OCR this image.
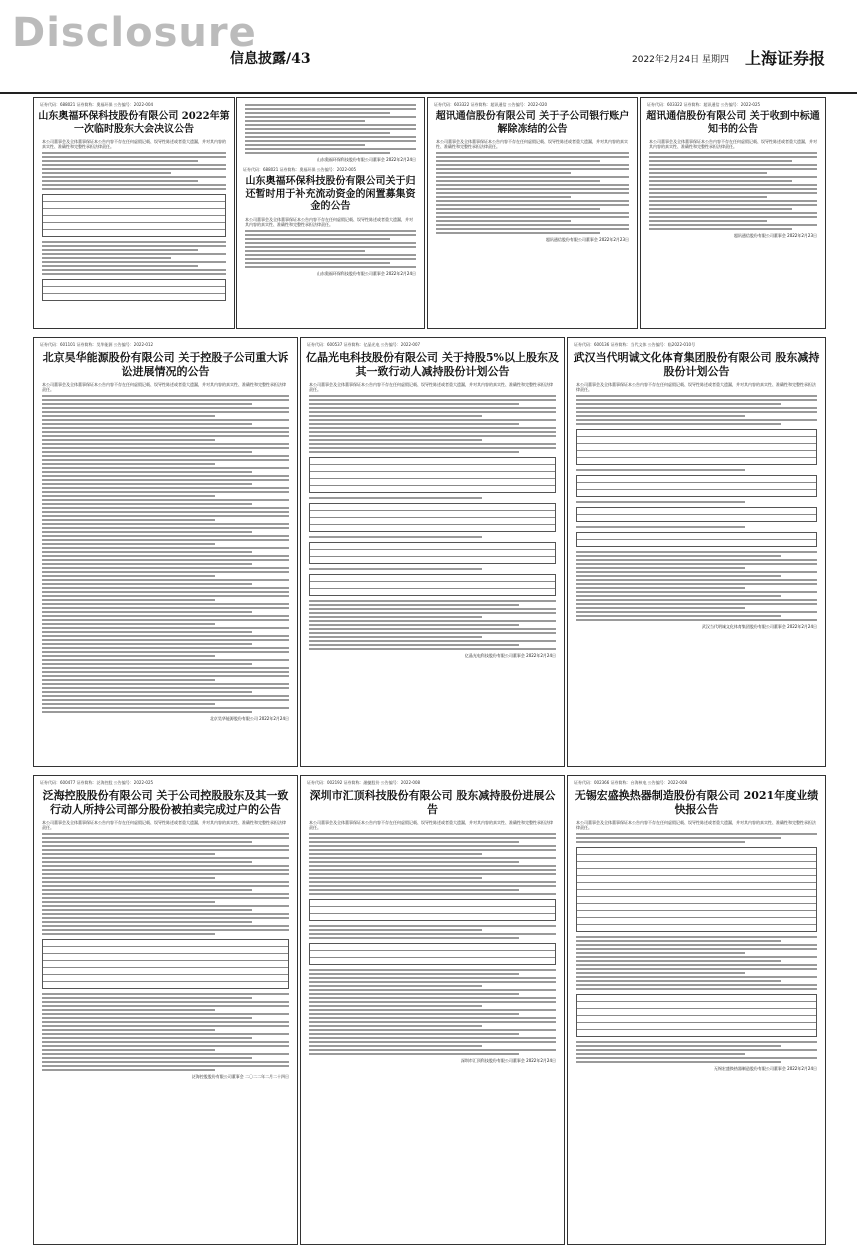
Disclosure
信息披露/43	2022年2月24日 星期四 上海证券报
证券代码：688021 证券简称：奥福环保 公告编号：2022-004
山东奥福环保科技股份有限公司 2022年第一次临时股东大会决议公告
本公司董事会及全体董事保证本公告内容不存在任何虚假记载、误导性陈述或者重大遗漏，并对其内容的真实性、准确性和完整性承担法律责任。
山东奥福环保科技股份有限公司董事会 2022年2月24日
证券代码：688021 证券简称：奥福环保 公告编号：2022-005
山东奥福环保科技股份有限公司关于归还暂时用于补充流动资金的闲置募集资金的公告
本公司董事会及全体董事保证本公告内容不存在任何虚假记载、误导性陈述或者重大遗漏，并对其内容的真实性、准确性和完整性承担法律责任。
山东奥福环保科技股份有限公司董事会 2022年2月24日
证券代码：603322 证券简称：超讯通信 公告编号：2022-020
超讯通信股份有限公司 关于子公司银行账户解除冻结的公告
本公司董事会及全体董事保证本公告内容不存在任何虚假记载、误导性陈述或者重大遗漏，并对其内容的真实性、准确性和完整性承担法律责任。
超讯通信股份有限公司董事会 2022年2月23日
证券代码：603322 证券简称：超讯通信 公告编号：2022-025
超讯通信股份有限公司 关于收到中标通知书的公告
本公司董事会及全体董事保证本公告内容不存在任何虚假记载、误导性陈述或者重大遗漏，并对其内容的真实性、准确性和完整性承担法律责任。
超讯通信股份有限公司董事会 2022年2月23日
证券代码：601101 证券简称：昊华能源 公告编号：2022-012
北京昊华能源股份有限公司 关于控股子公司重大诉讼进展情况的公告
本公司董事会及全体董事保证本公告内容不存在任何虚假记载、误导性陈述或者重大遗漏，并对其内容的真实性、准确性和完整性承担法律责任。
北京昊华能源股份有限公司 2022年2月24日
证券代码：600537 证券简称：亿晶光电 公告编号：2022-007
亿晶光电科技股份有限公司 关于持股5%以上股东及其一致行动人减持股份计划公告
本公司董事会及全体董事保证本公告内容不存在任何虚假记载、误导性陈述或者重大遗漏，并对其内容的真实性、准确性和完整性承担法律责任。
亿晶光电科技股份有限公司董事会 2022年2月24日
证券代码：600136 证券简称：当代文体 公告编号：临2022-010号
武汉当代明诚文化体育集团股份有限公司 股东减持股份计划公告
本公司董事会及全体董事保证本公告内容不存在任何虚假记载、误导性陈述或者重大遗漏，并对其内容的真实性、准确性和完整性承担法律责任。
武汉当代明诚文化体育集团股份有限公司董事会 2022年2月24日
证券代码：600477 证券简称：泛海控股 公告编号：2022-025
泛海控股股份有限公司 关于公司控股股东及其一致行动人所持公司部分股份被拍卖完成过户的公告
本公司董事会及全体董事保证本公告内容不存在任何虚假记载、误导性陈述或者重大遗漏，并对其内容的真实性、准确性和完整性承担法律责任。
泛海控股股份有限公司董事会 二〇二二年二月二十四日
证券代码：002192 证券简称：融捷股份 公告编号：2022-008
深圳市汇顶科技股份有限公司 股东减持股份进展公告
本公司董事会及全体董事保证本公告内容不存在任何虚假记载、误导性陈述或者重大遗漏，并对其内容的真实性、准确性和完整性承担法律责任。
深圳市汇顶科技股份有限公司董事会 2022年2月24日
证券代码：002366 证券简称：台海核电 公告编号：2022-008
无锡宏盛换热器制造股份有限公司 2021年度业绩快报公告
本公司董事会及全体董事保证本公告内容不存在任何虚假记载、误导性陈述或者重大遗漏，并对其内容的真实性、准确性和完整性承担法律责任。
无锡宏盛换热器制造股份有限公司董事会 2022年2月24日
